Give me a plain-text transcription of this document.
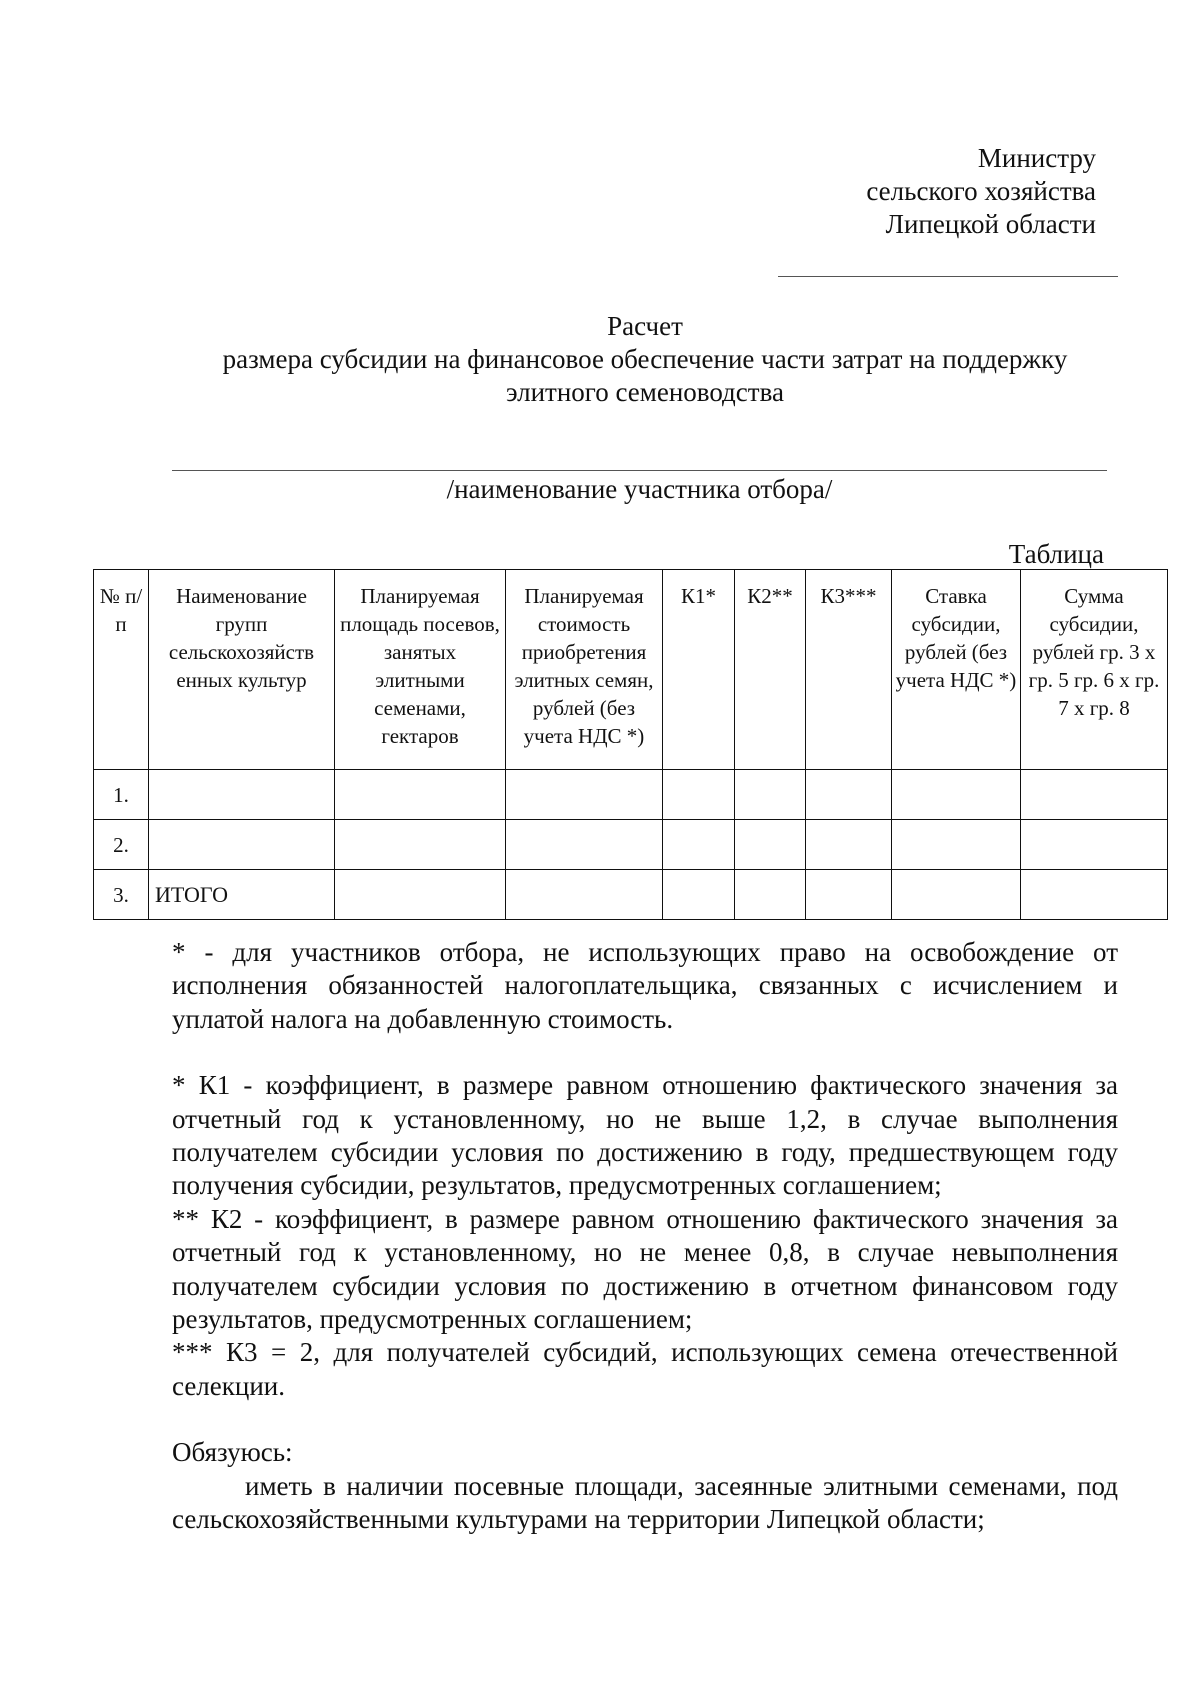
Министру
сельского хозяйства
Липецкой области
Расчет
размера субсидии на финансовое обеспечение части затрат на поддержку
элитного семеноводства
/наименование участника отбора/
Таблица
№ п/п	Наименование групп сельскохозяйств енных культур	Планируемая площадь посевов, занятых элитными семенами, гектаров	Планируемая стоимость приобретения элитных семян, рублей (без учета НДС *)	К1*	К2**	К3***	Ставка субсидии, рублей (без учета НДС *)	Сумма субсидии, рублей гр. 3 х гр. 5 гр. 6 х гр. 7 х гр. 8
1.								
2.								
3.	ИТОГО							

* - для участников отбора, не использующих право на освобождение от исполнения обязанностей налогоплательщика, связанных с исчислением и уплатой налога на добавленную стоимость.

* К1 - коэффициент, в размере равном отношению фактического значения за отчетный год к установленному, но не выше 1,2, в случае выполнения получателем субсидии условия по достижению в году, предшествующем году получения субсидии, результатов, предусмотренных соглашением;

** К2 - коэффициент, в размере равном отношению фактического значения за отчетный год к установленному, но не менее 0,8, в случае невыполнения получателем субсидии условия по достижению в отчетном финансовом году результатов, предусмотренных соглашением;

*** К3 = 2, для получателей субсидий, использующих семена отечественной селекции.

Обязуюсь:

иметь в наличии посевные площади, засеянные элитными семенами, под сельскохозяйственными культурами на территории Липецкой области;
